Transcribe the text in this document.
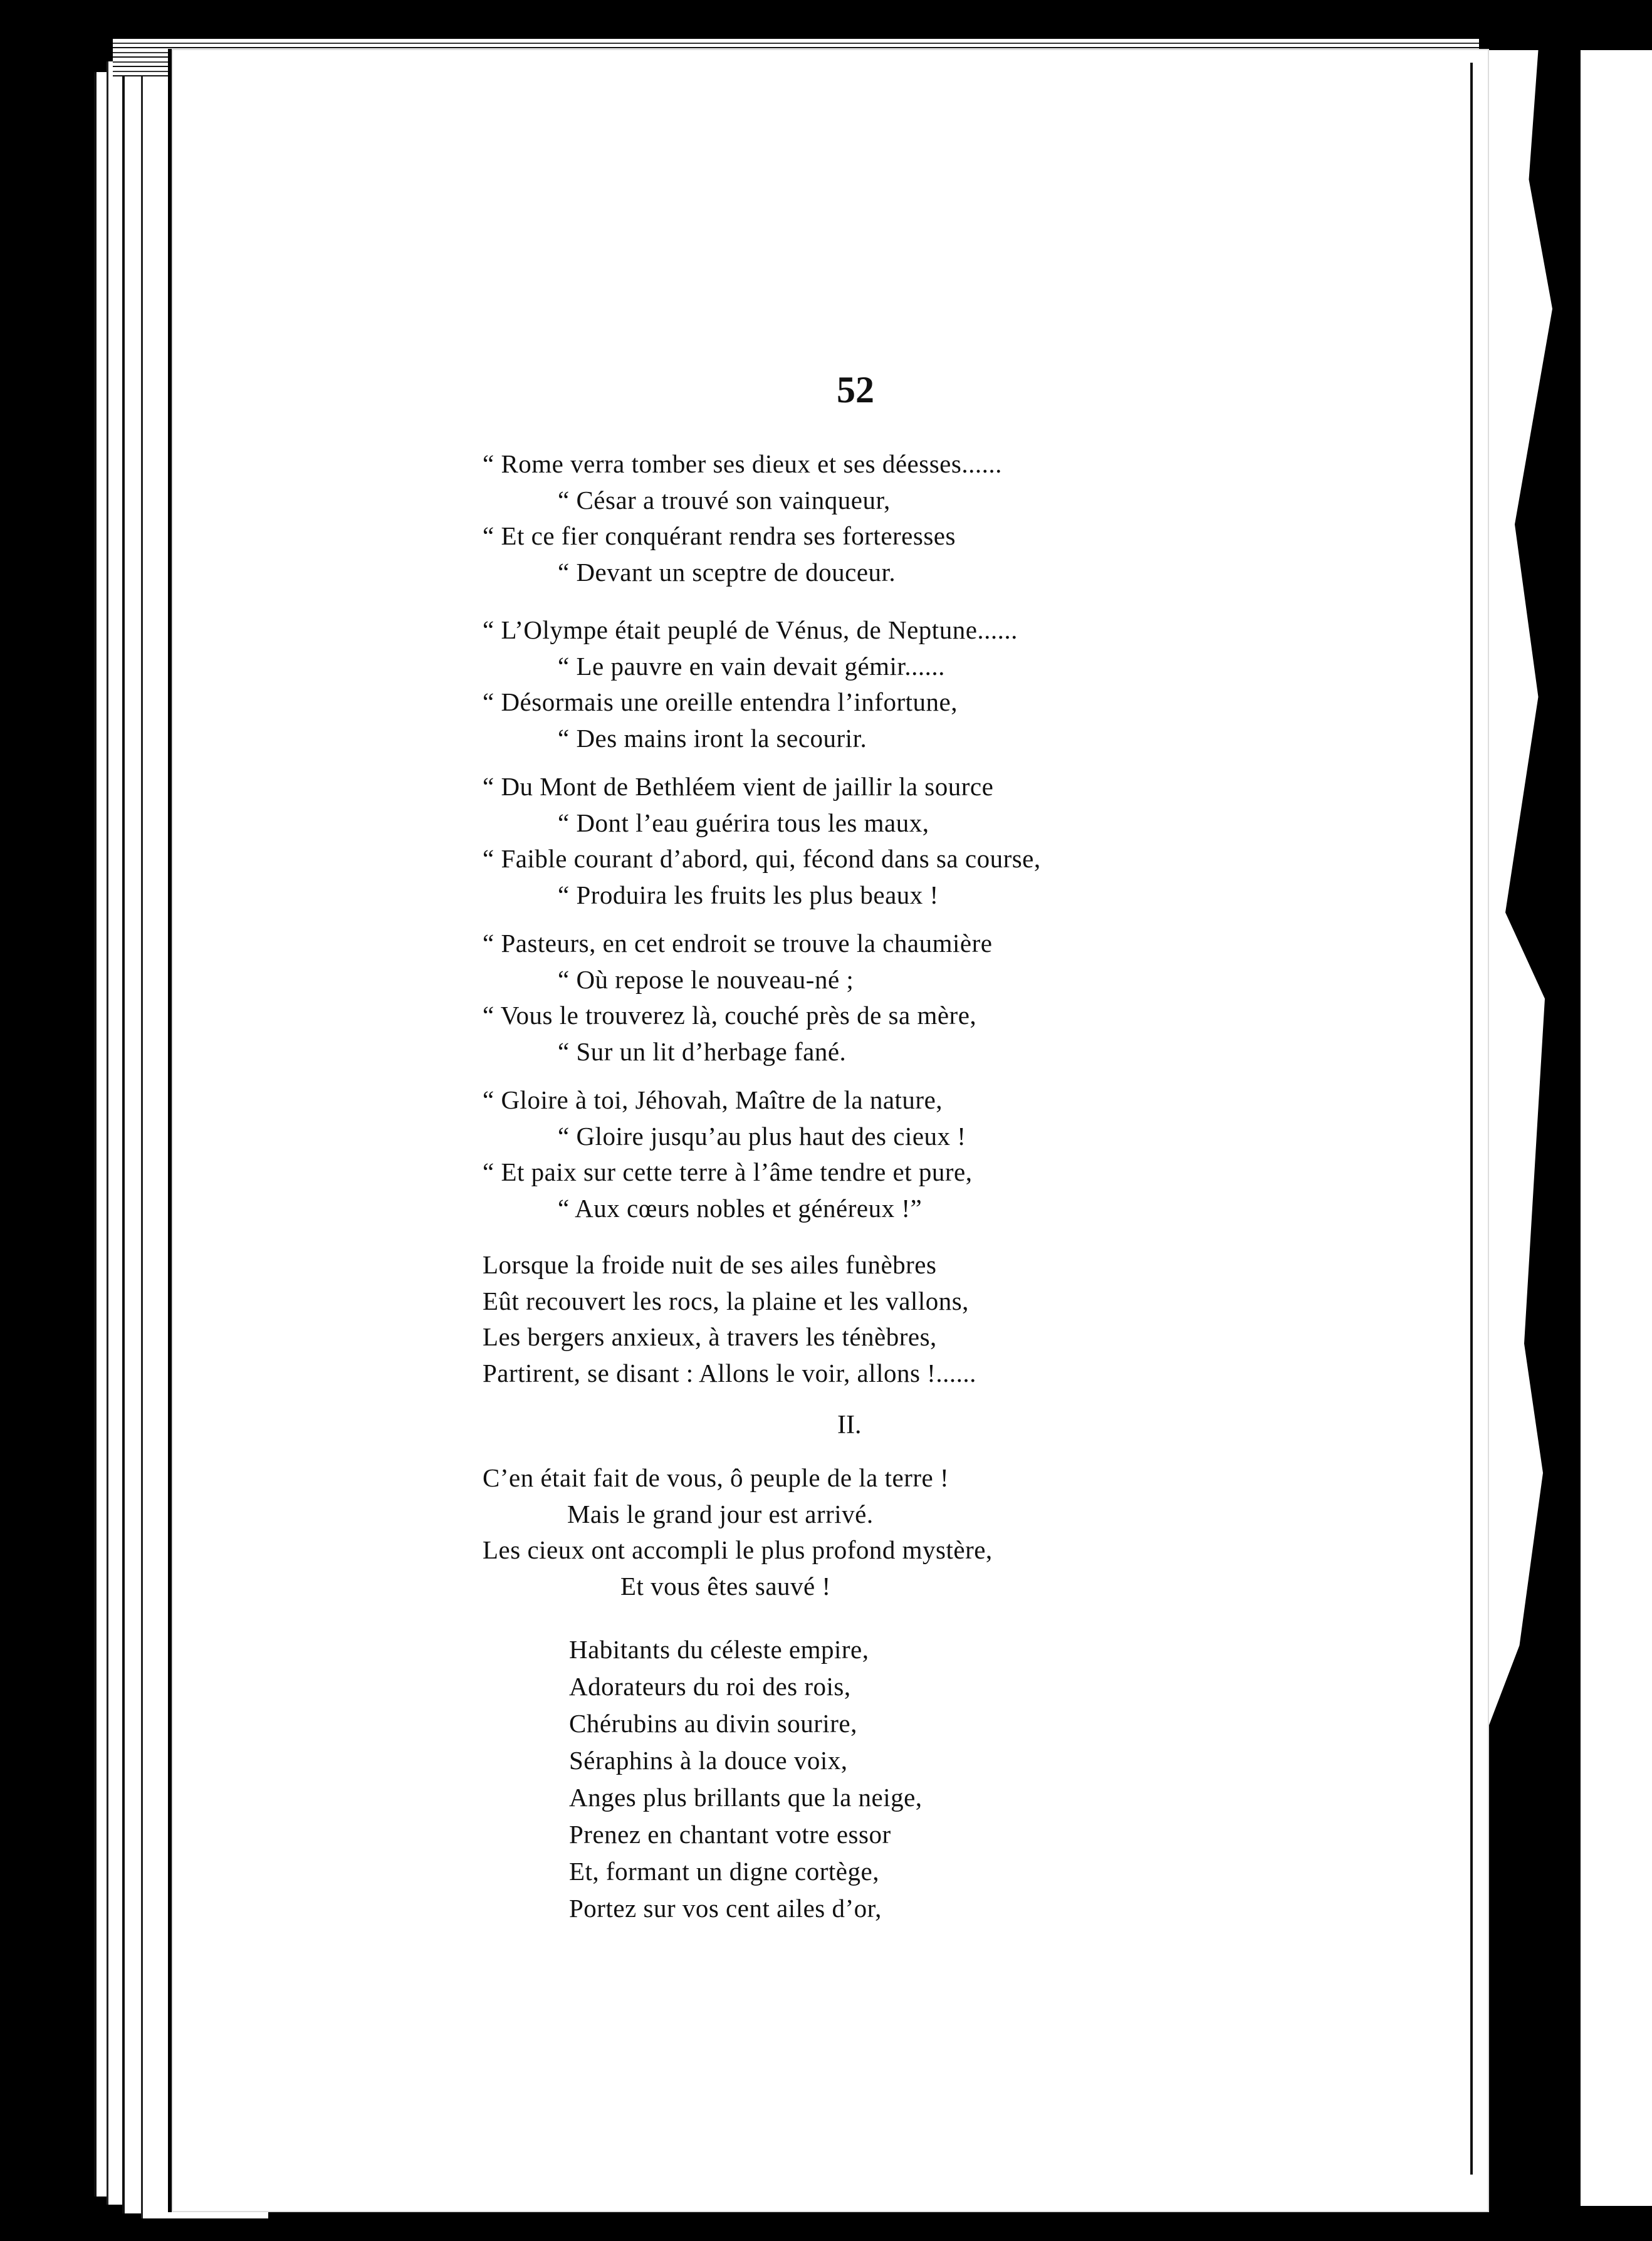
52
“ Rome verra tomber ses dieux et ses déesses......
“ César a trouvé son vainqueur,
“ Et ce fier conquérant rendra ses forteresses
“ Devant un sceptre de douceur.
“ L’Olympe était peuplé de Vénus, de Neptune......
“ Le pauvre en vain devait gémir......
“ Désormais une oreille entendra l’infortune,
“ Des mains iront la secourir.
“ Du Mont de Bethléem vient de jaillir la source
“ Dont l’eau guérira tous les maux,
“ Faible courant d’abord, qui, fécond dans sa course,
“ Produira les fruits les plus beaux !
“ Pasteurs, en cet endroit se trouve la chaumière
“ Où repose le nouveau-né ;
“ Vous le trouverez là, couché près de sa mère,
“ Sur un lit d’herbage fané.
“ Gloire à toi, Jéhovah, Maître de la nature,
“ Gloire jusqu’au plus haut des cieux !
“ Et paix sur cette terre à l’âme tendre et pure,
“ Aux cœurs nobles et généreux !”
Lorsque la froide nuit de ses ailes funèbres
Eût recouvert les rocs, la plaine et les vallons,
Les bergers anxieux, à travers les ténèbres,
Partirent, se disant : Allons le voir, allons !......
II.
C’en était fait de vous, ô peuple de la terre !
Mais le grand jour est arrivé.
Les cieux ont accompli le plus profond mystère,
Et vous êtes sauvé !
Habitants du céleste empire,
Adorateurs du roi des rois,
Chérubins au divin sourire,
Séraphins à la douce voix,
Anges plus brillants que la neige,
Prenez en chantant votre essor
Et, formant un digne cortège,
Portez sur vos cent ailes d’or,
